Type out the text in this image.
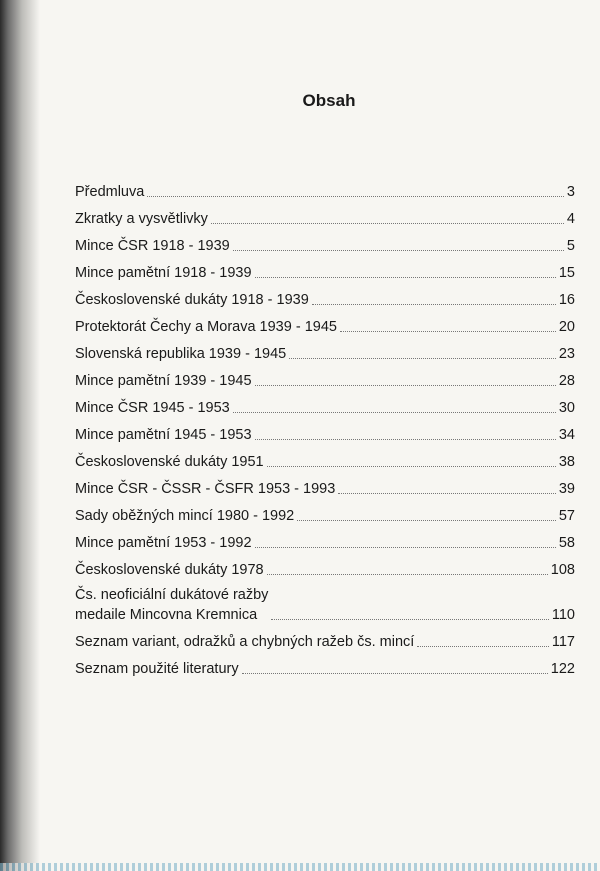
Obsah
Předmluva	3
Zkratky a vysvětlivky	4
Mince ČSR 1918 - 1939	5
Mince pamětní 1918 - 1939	15
Československé dukáty 1918 - 1939	16
Protektorát Čechy a Morava 1939 - 1945	20
Slovenská republika 1939 - 1945	23
Mince pamětní 1939 - 1945	28
Mince ČSR 1945 - 1953	30
Mince pamětní 1945 - 1953	34
Československé dukáty 1951	38
Mince ČSR - ČSSR - ČSFR 1953 - 1993	39
Sady oběžných mincí 1980 - 1992	57
Mince pamětní 1953 - 1992	58
Československé dukáty 1978	108
Čs. neoficiální dukátové ražby
medaile Mincovna Kremnica	110
Seznam variant, odražků a chybných ražeb čs. mincí	117
Seznam použité literatury	122
